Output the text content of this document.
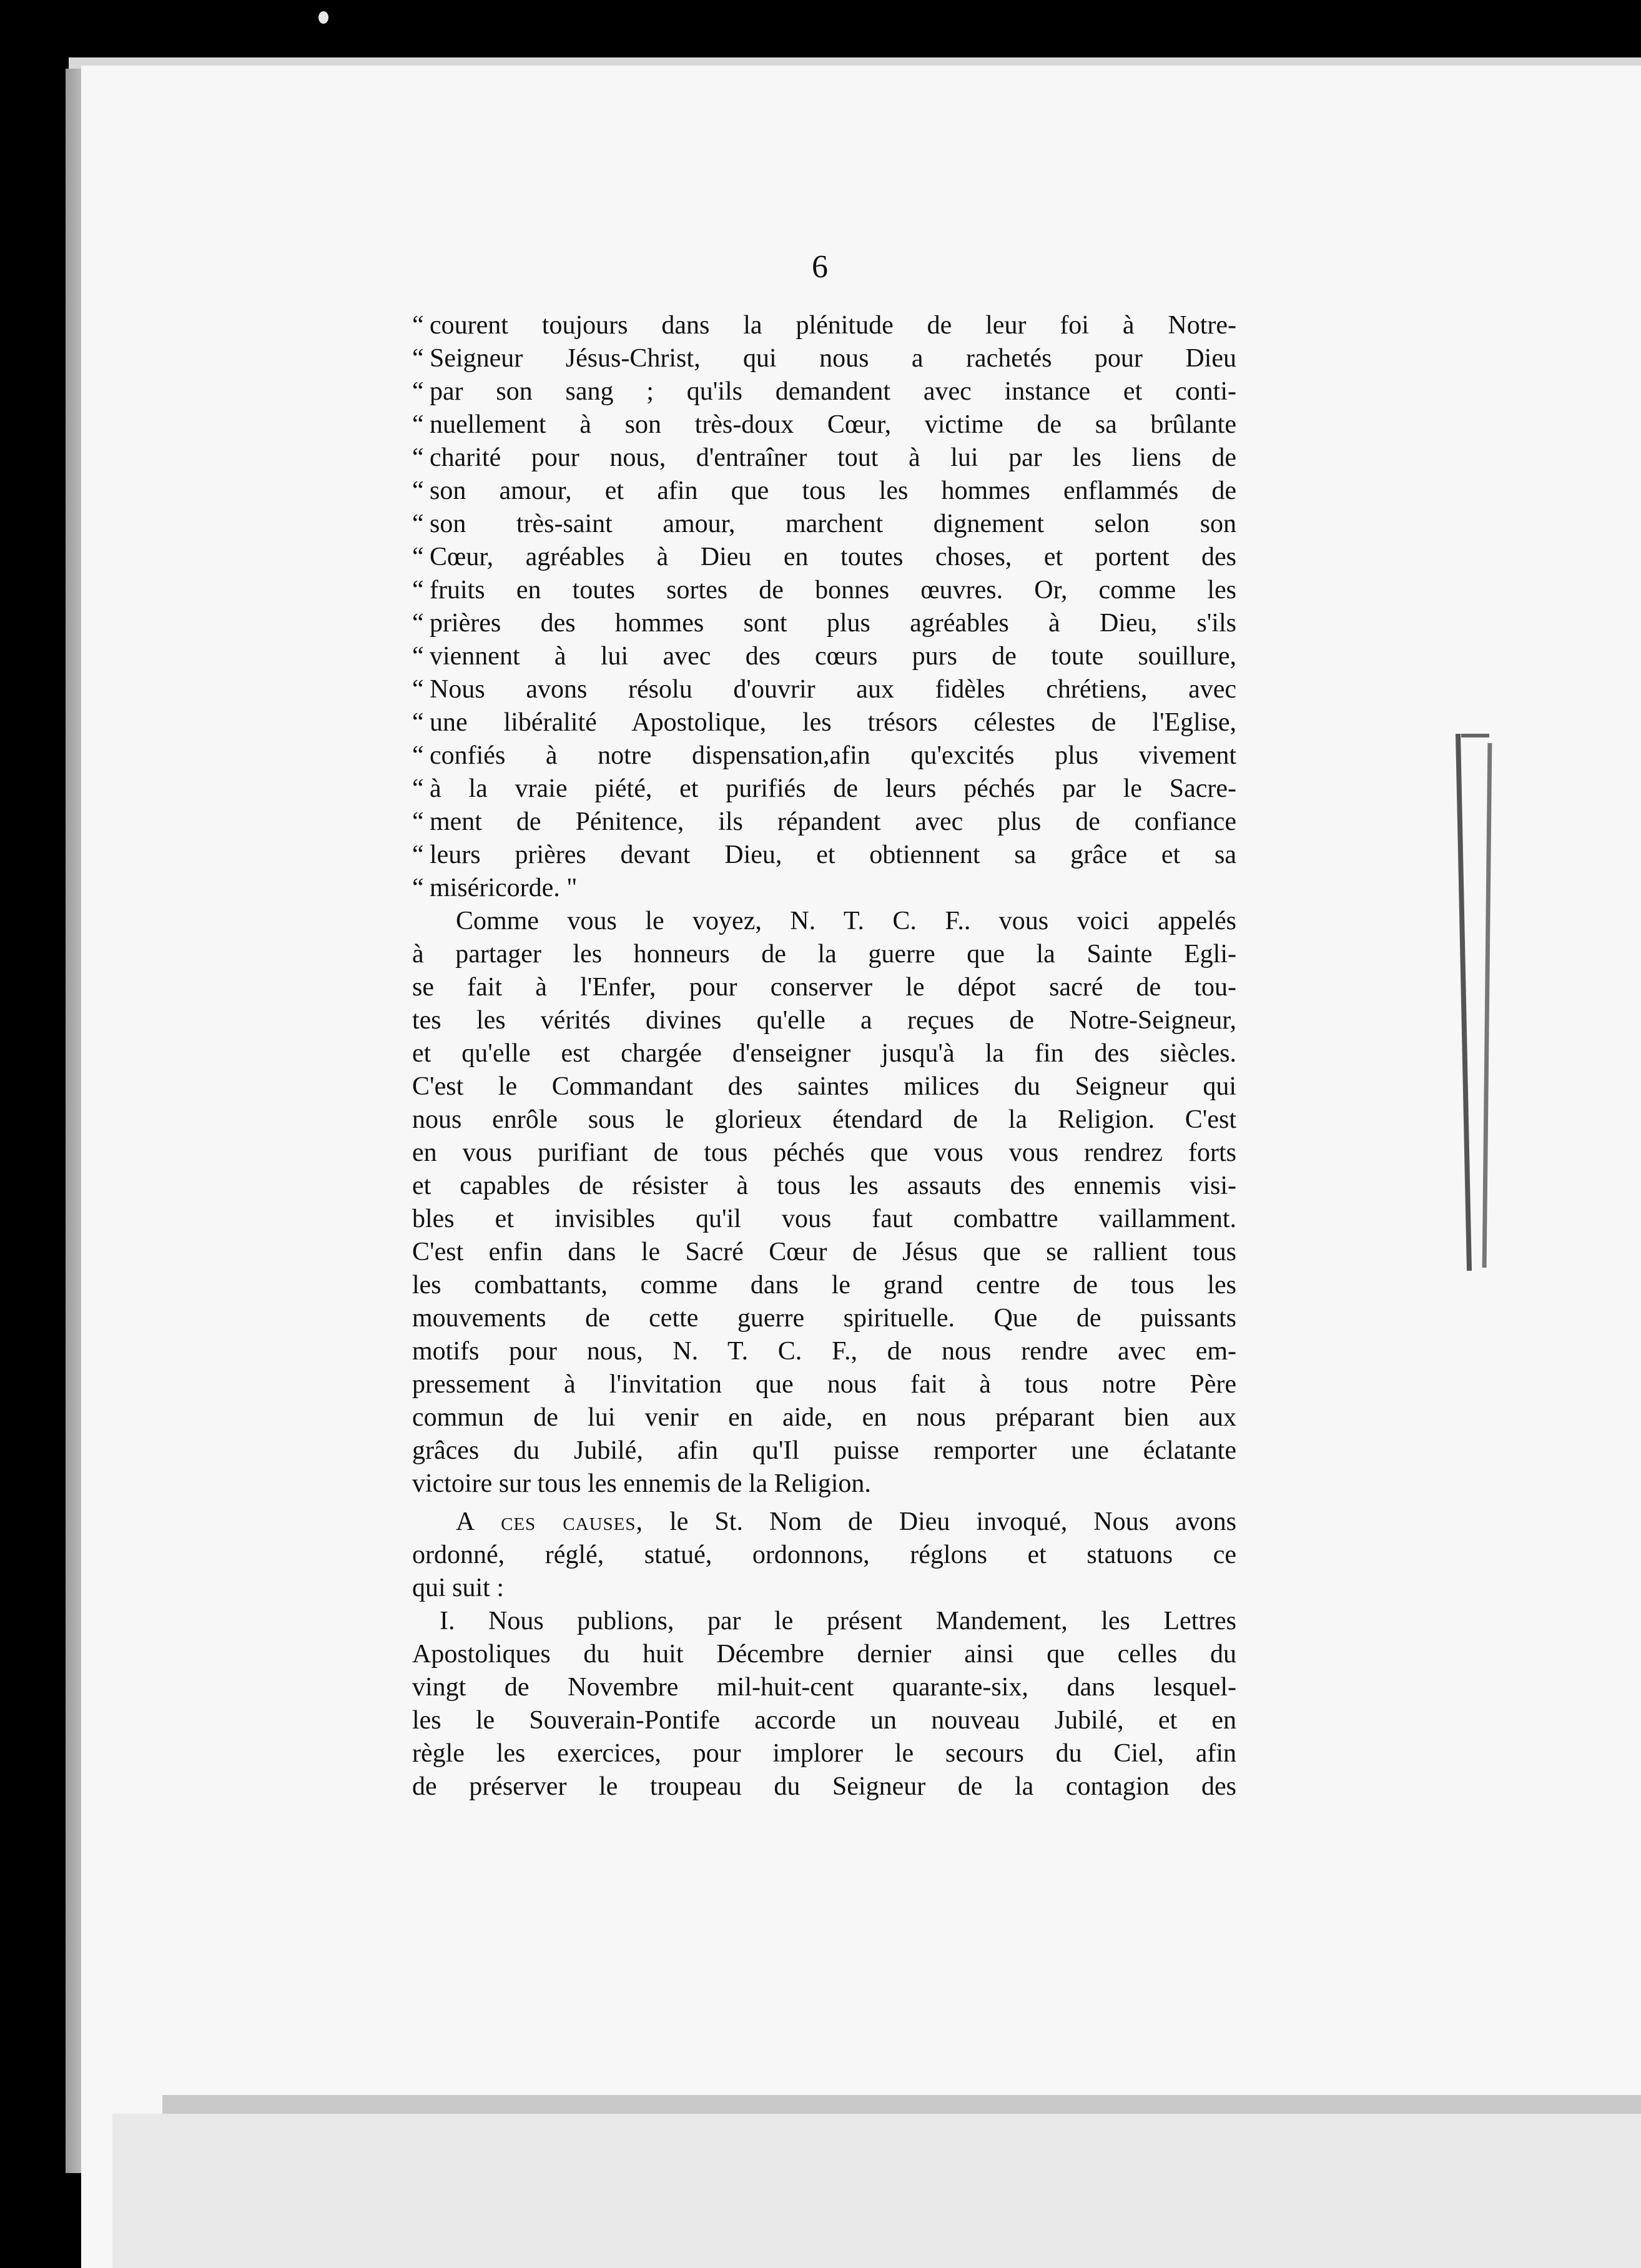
6
“ courent toujours dans la plénitude de leur foi à Notre-
“ Seigneur Jésus-Christ, qui nous a rachetés pour Dieu
“ par son sang ; qu'ils demandent avec instance et conti-
“ nuellement à son très-doux Cœur, victime de sa brûlante
“ charité pour nous, d'entraîner tout à lui par les liens de
“ son amour, et afin que tous les hommes enflammés de
“ son très-saint amour, marchent dignement selon son
“ Cœur, agréables à Dieu en toutes choses, et portent des
“ fruits en toutes sortes de bonnes œuvres. Or, comme les
“ prières des hommes sont plus agréables à Dieu, s'ils
“ viennent à lui avec des cœurs purs de toute souillure,
“ Nous avons résolu d'ouvrir aux fidèles chrétiens, avec
“ une libéralité Apostolique, les trésors célestes de l'Eglise,
“ confiés à notre dispensation,afin qu'excités plus vivement
“ à la vraie piété, et purifiés de leurs péchés par le Sacre-
“ ment de Pénitence, ils répandent avec plus de confiance
“ leurs prières devant Dieu, et obtiennent sa grâce et sa
“ miséricorde. "
Comme vous le voyez, N. T. C. F.. vous voici appelés
à partager les honneurs de la guerre que la Sainte Egli-
se fait à l'Enfer, pour conserver le dépot sacré de tou-
tes les vérités divines qu'elle a reçues de Notre-Seigneur,
et qu'elle est chargée d'enseigner jusqu'à la fin des siècles.
C'est le Commandant des saintes milices du Seigneur qui
nous enrôle sous le glorieux étendard de la Religion. C'est
en vous purifiant de tous péchés que vous vous rendrez forts
et capables de résister à tous les assauts des ennemis visi-
bles et invisibles qu'il vous faut combattre vaillamment.
C'est enfin dans le Sacré Cœur de Jésus que se rallient tous
les combattants, comme dans le grand centre de tous les
mouvements de cette guerre spirituelle. Que de puissants
motifs pour nous, N. T. C. F., de nous rendre avec em-
pressement à l'invitation que nous fait à tous notre Père
commun de lui venir en aide, en nous préparant bien aux
grâces du Jubilé, afin qu'Il puisse remporter une éclatante
victoire sur tous les ennemis de la Religion.
A ces causes, le St. Nom de Dieu invoqué, Nous avons
ordonné, réglé, statué, ordonnons, réglons et statuons ce
qui suit :
I. Nous publions, par le présent Mandement, les Lettres
Apostoliques du huit Décembre dernier ainsi que celles du
vingt de Novembre mil-huit-cent quarante-six, dans lesquel-
les le Souverain-Pontife accorde un nouveau Jubilé, et en
règle les exercices, pour implorer le secours du Ciel, afin
de préserver le troupeau du Seigneur de la contagion des
